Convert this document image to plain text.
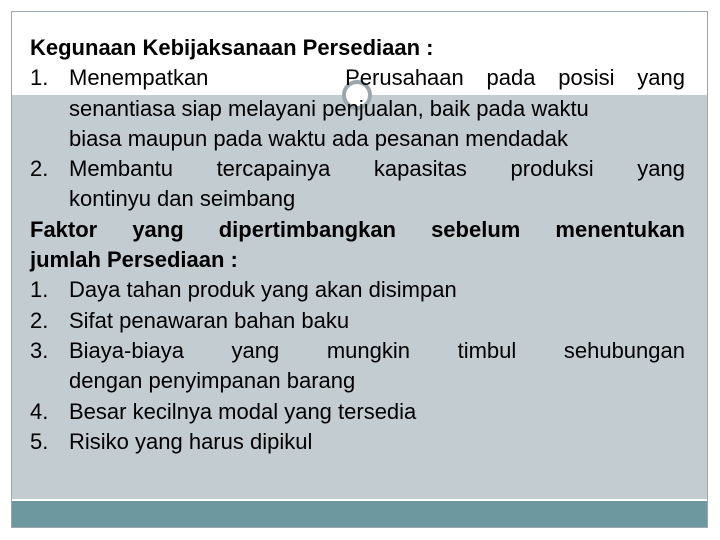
Kegunaan Kebijaksanaan Persediaan :
1. Menempatkan      Perusahaan pada posisi yang
senantiasa siap melayani penjualan, baik pada waktu
biasa maupun pada waktu ada pesanan mendadak
2. Membantu tercapainya kapasitas produksi yang
kontinyu dan seimbang
Faktor yang dipertimbangkan sebelum menentukan
jumlah Persediaan :
1. Daya tahan produk yang akan disimpan
2. Sifat penawaran bahan baku
3. Biaya-biaya yang mungkin timbul sehubungan
dengan penyimpanan barang
4. Besar kecilnya modal yang tersedia
5. Risiko yang harus dipikul
